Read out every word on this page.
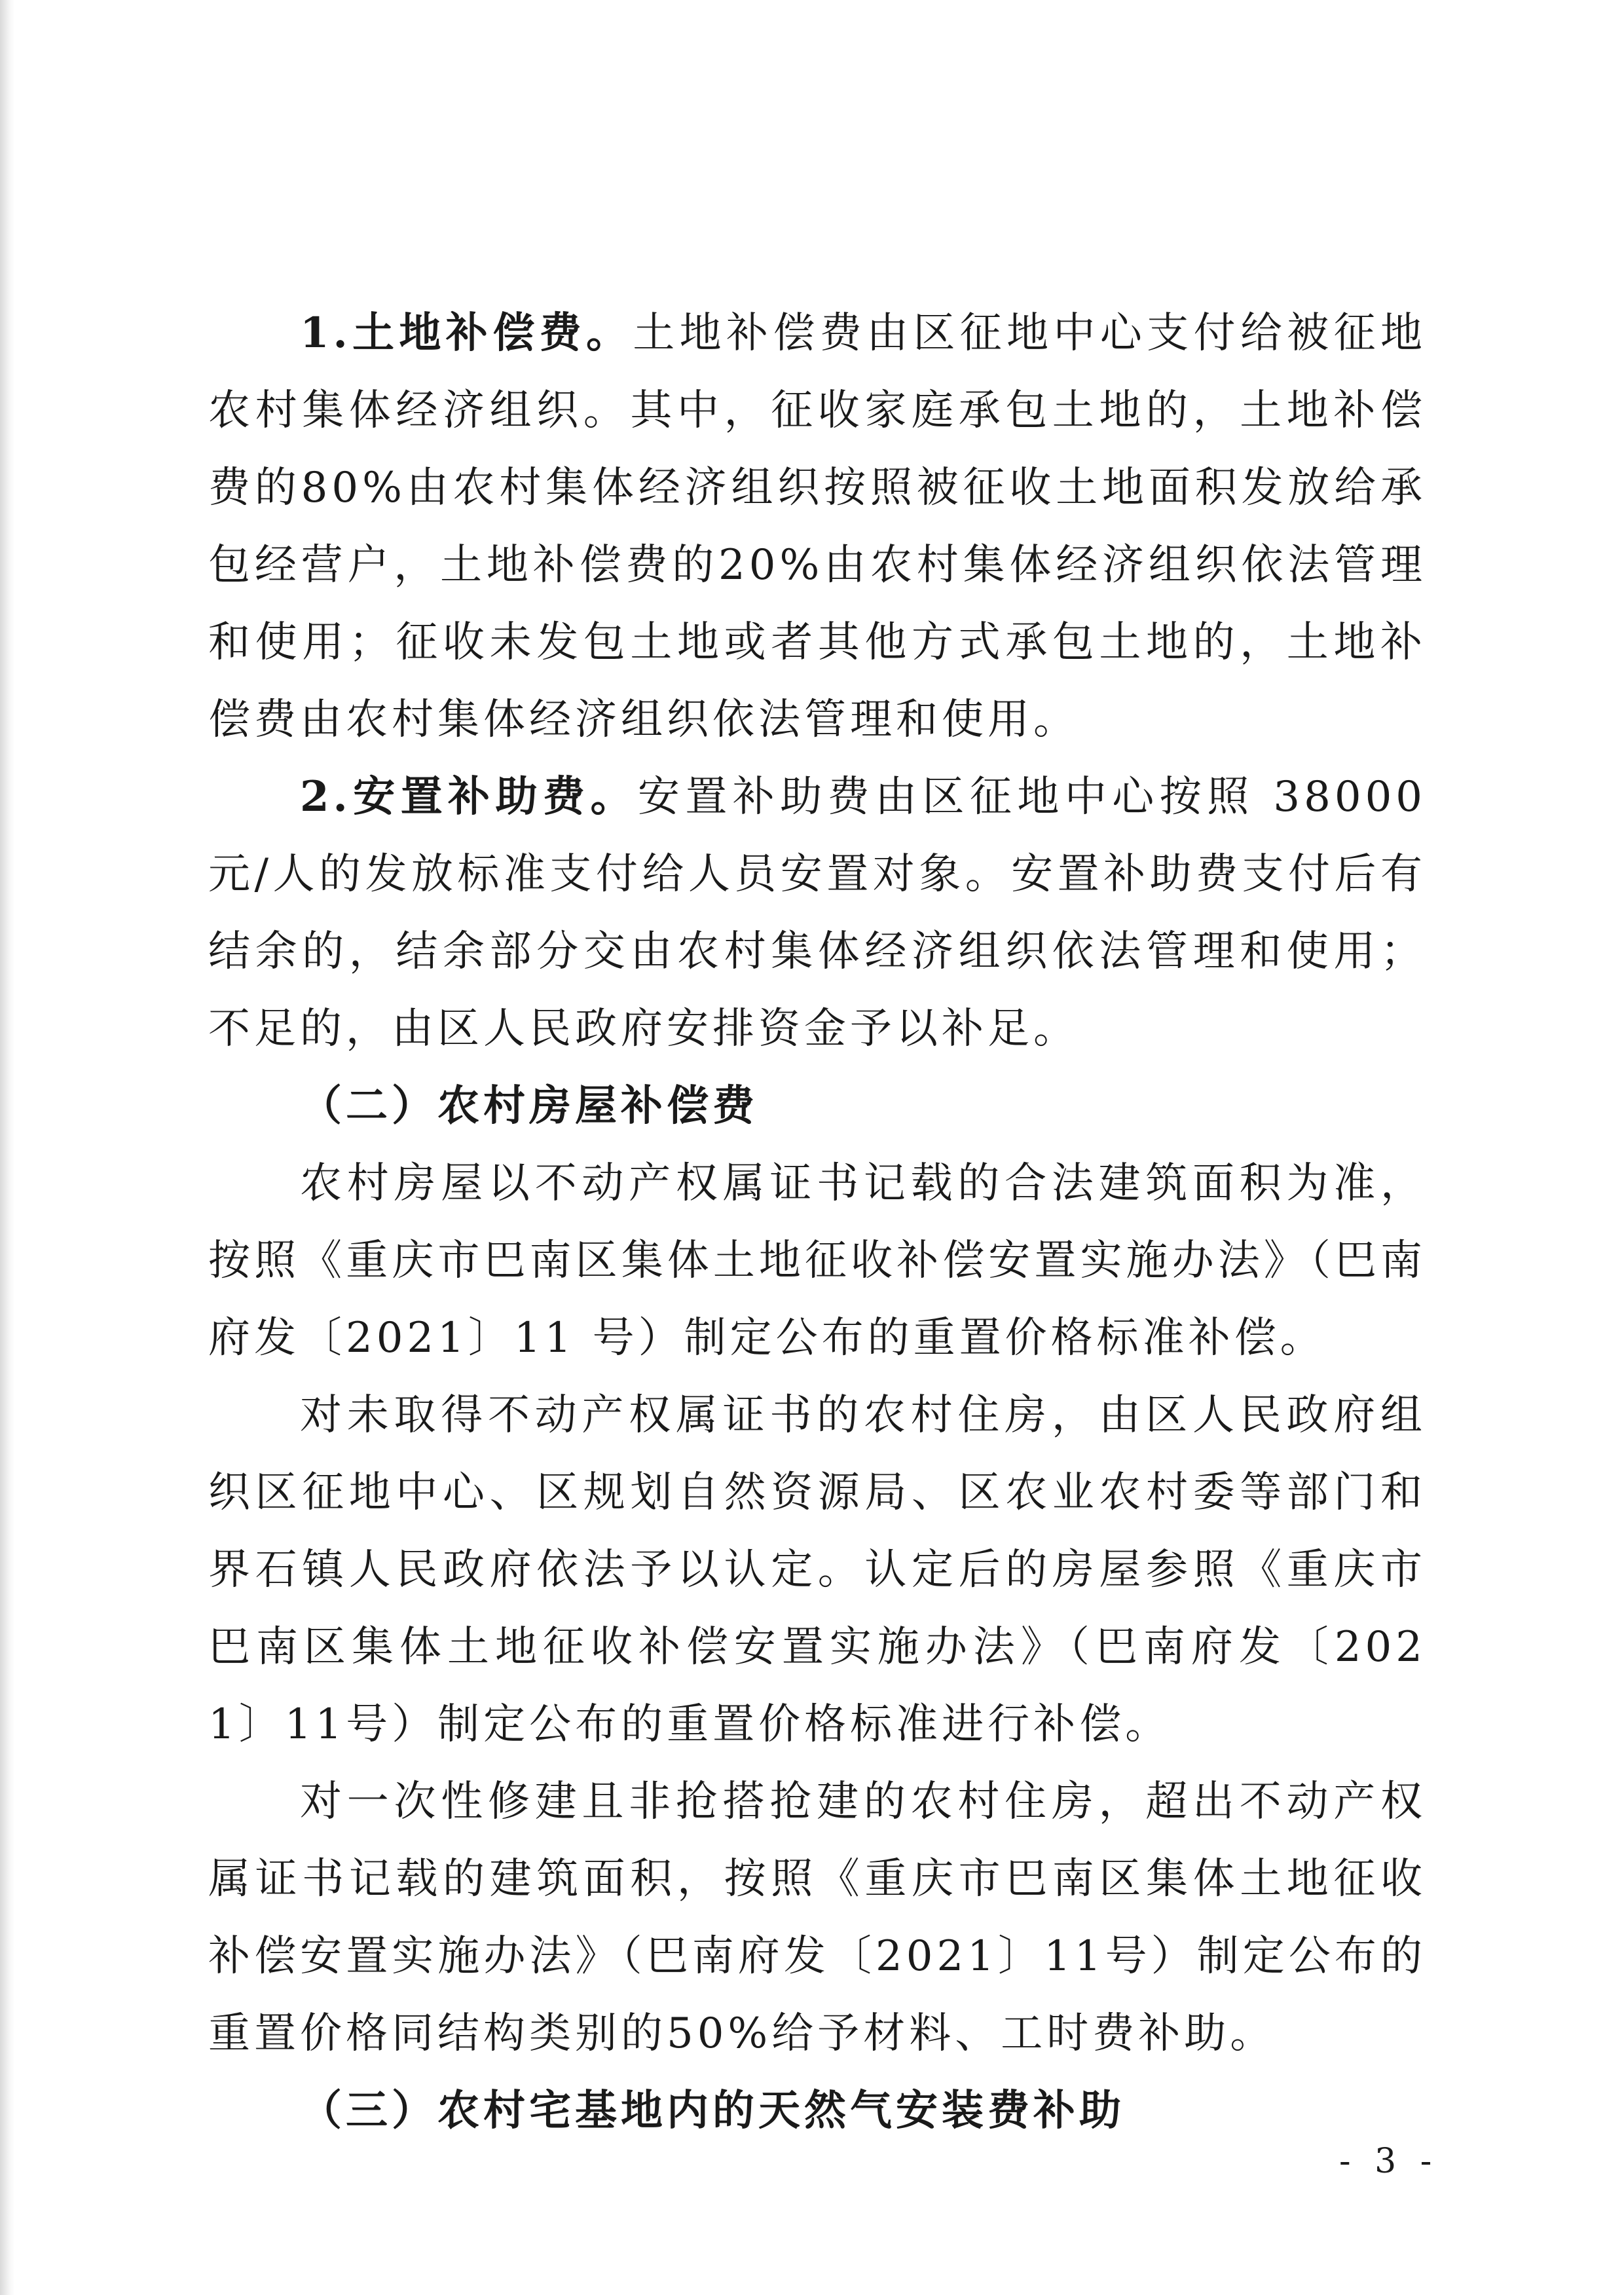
1.土地补偿费。土地补偿费由区征地中心支付给被征地农村集体经济组织。其中，征收家庭承包土地的，土地补偿费的80%由农村集体经济组织按照被征收土地面积发放给承包经营户，土地补偿费的20%由农村集体经济组织依法管理和使用；征收未发包土地或者其他方式承包土地的，土地补偿费由农村集体经济组织依法管理和使用。

2.安置补助费。安置补助费由区征地中心按照 38000 元/人的发放标准支付给人员安置对象。安置补助费支付后有结余的，结余部分交由农村集体经济组织依法管理和使用；不足的，由区人民政府安排资金予以补足。

（二）农村房屋补偿费

农村房屋以不动产权属证书记载的合法建筑面积为准，按照《重庆市巴南区集体土地征收补偿安置实施办法》（巴南府发〔2021〕11 号）制定公布的重置价格标准补偿。

对未取得不动产权属证书的农村住房，由区人民政府组织区征地中心、区规划自然资源局、区农业农村委等部门和界石镇人民政府依法予以认定。认定后的房屋参照《重庆市巴南区集体土地征收补偿安置实施办法》（巴南府发〔2021〕11号）制定公布的重置价格标准进行补偿。

对一次性修建且非抢搭抢建的农村住房，超出不动产权属证书记载的建筑面积，按照《重庆市巴南区集体土地征收补偿安置实施办法》（巴南府发〔2021〕11号）制定公布的重置价格同结构类别的50%给予材料、工时费补助。

（三）农村宅基地内的天然气安装费补助

- 3 -
